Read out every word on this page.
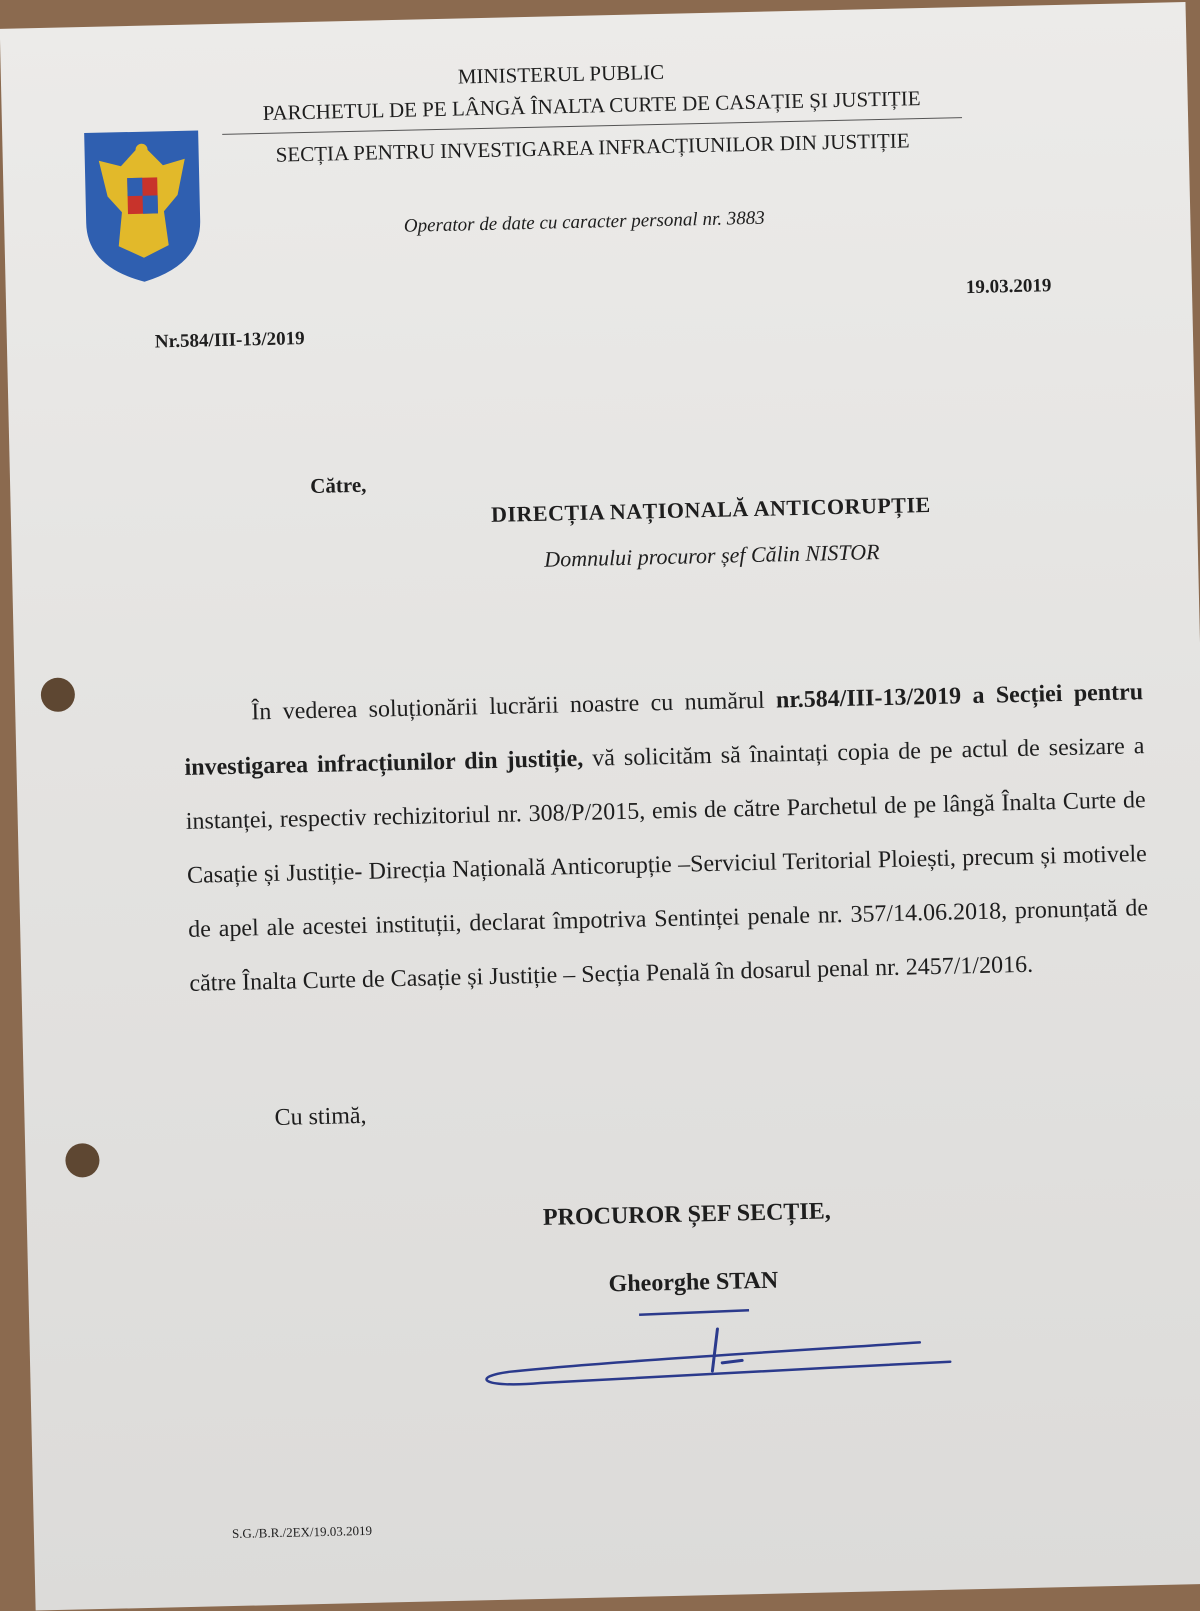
MINISTERUL PUBLIC
PARCHETUL DE PE LÂNGĂ ÎNALTA CURTE DE CASAȚIE ȘI JUSTIȚIE
SECȚIA PENTRU INVESTIGAREA INFRACȚIUNILOR DIN JUSTIȚIE
Operator de date cu caracter personal nr. 3883
19.03.2019
Nr.584/III-13/2019
Către,
DIRECȚIA NAȚIONALĂ ANTICORUPȚIE
Domnului procuror șef Călin NISTOR

În vederea soluționării lucrării noastre cu numărul nr.584/III-13/2019 a Secției pentru investigarea infracțiunilor din justiție, vă solicităm să înaintați copia de pe actul de sesizare a instanței, respectiv rechizitoriul nr. 308/P/2015, emis de către Parchetul de pe lângă Înalta Curte de Casație și Justiție- Direcția Națională Anticorupție –Serviciul Teritorial Ploiești, precum și motivele de apel ale acestei instituții, declarat împotriva Sentinței penale nr. 357/14.06.2018, pronunțată de către Înalta Curte de Casație și Justiție – Secția Penală în dosarul penal nr. 2457/1/2016.

Cu stimă,
PROCUROR ȘEF SECȚIE,
Gheorghe STAN
S.G./B.R./2EX/19.03.2019
